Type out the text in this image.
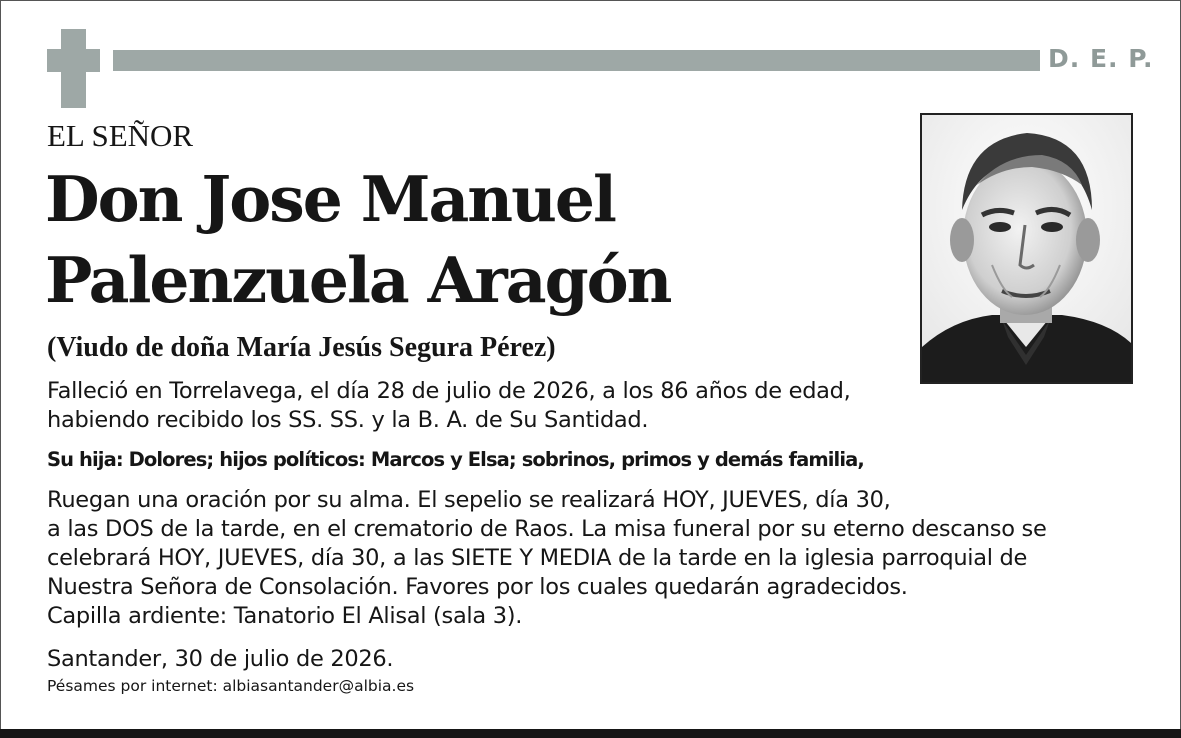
D. E. P.
EL SEÑOR
Don Jose Manuel
Palenzuela Aragón
(Viudo de doña María Jesús Segura Pérez)
Falleció en Torrelavega, el día 28 de julio de 2026, a los 86 años de edad,
habiendo recibido los SS. SS. y la B. A. de Su Santidad.
Su hija: Dolores; hijos políticos: Marcos y Elsa; sobrinos, primos y demás familia,
Ruegan una oración por su alma. El sepelio se realizará HOY, JUEVES, día 30,
a las DOS de la tarde, en el crematorio de Raos. La misa funeral por su eterno descanso se
celebrará HOY, JUEVES, día 30, a las SIETE Y MEDIA de la tarde en la iglesia parroquial de
Nuestra Señora de Consolación. Favores por los cuales quedarán agradecidos.
Capilla ardiente: Tanatorio El Alisal (sala 3).
Santander, 30 de julio de 2026.
Pésames por internet: albiasantander@albia.es
